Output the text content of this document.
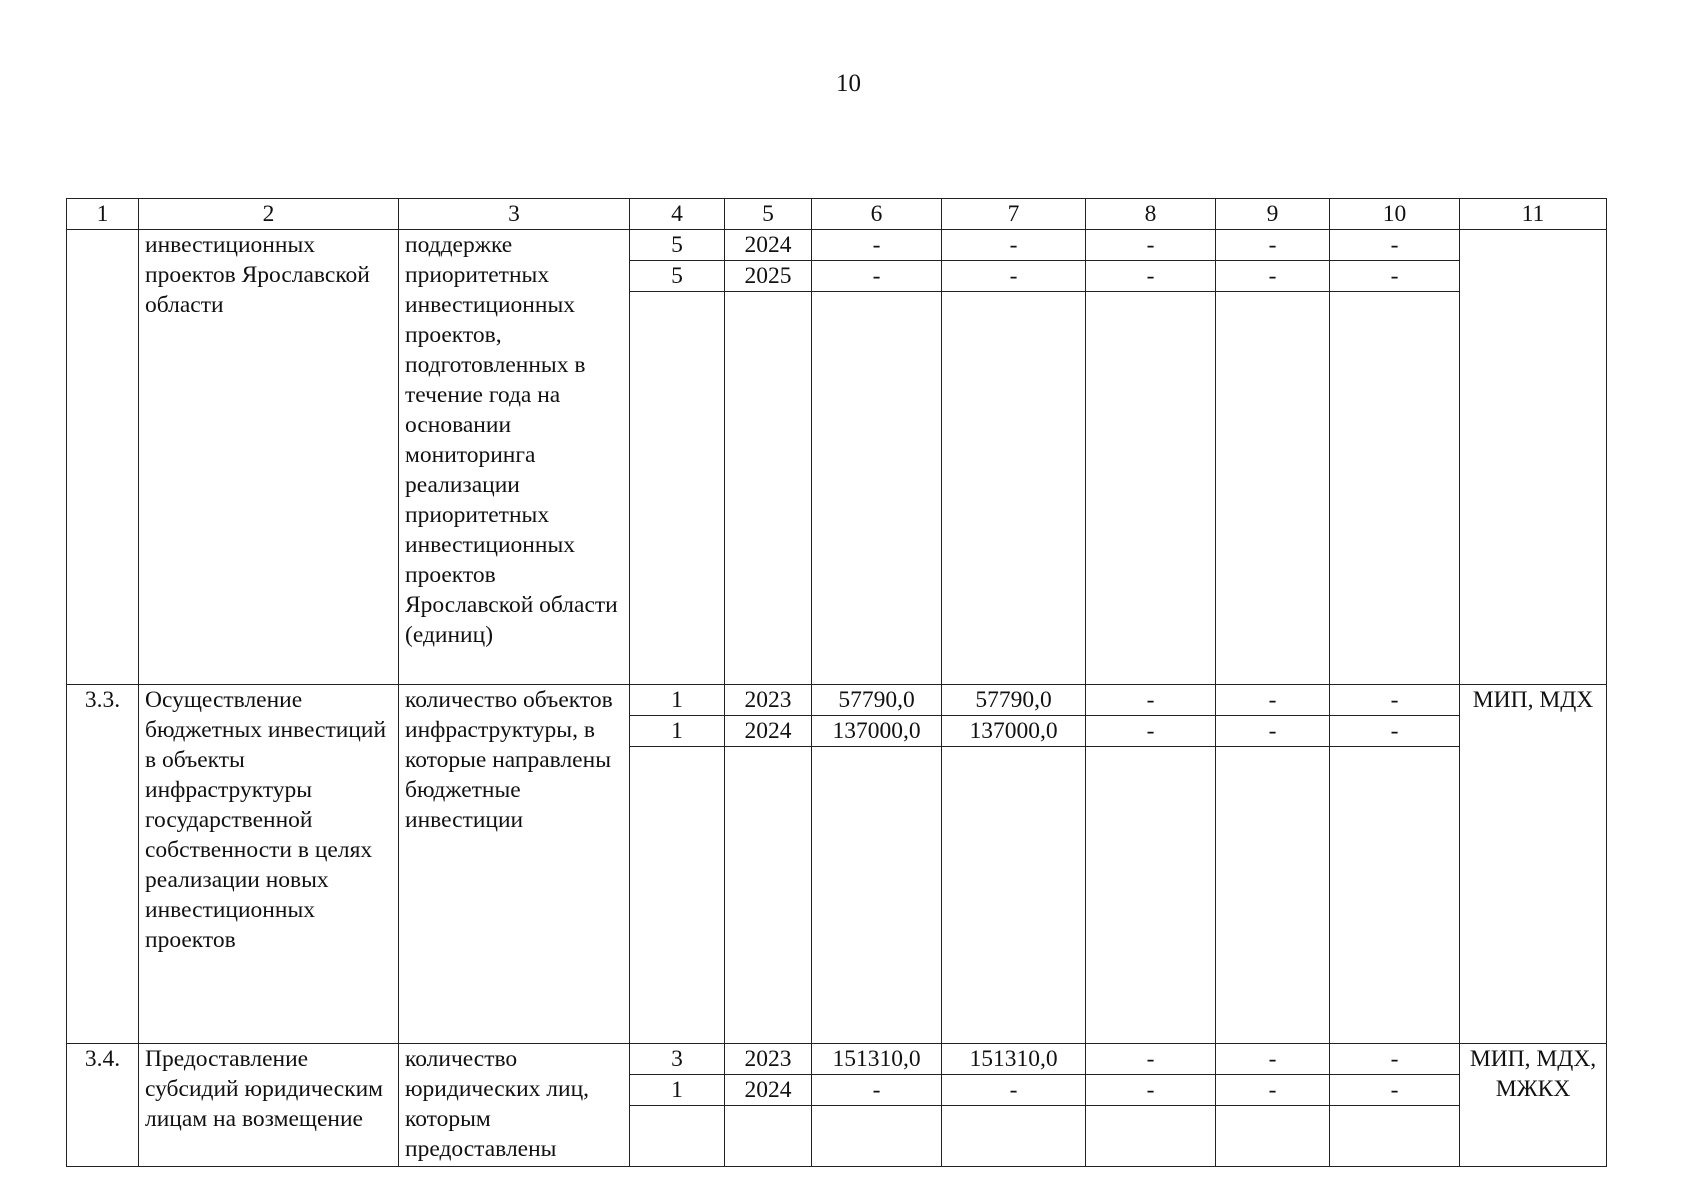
10
1	2	3	4	5	6	7	8	9	10	11
	инвестиционных проектов Ярославской области	поддержке приоритетных инвестиционных проектов, подготовленных в течение года на основании мониторинга реализации приоритетных инвестиционных проектов Ярославской области (единиц)	5	2024	-	-	-	-	-	
			5	2025	-	-	-	-	-	

3.3.	Осуществление бюджетных инвестиций в объекты инфраструктуры государственной собственности в целях реализации новых инвестиционных проектов	количество объектов инфраструктуры, в которые направлены бюджетные инвестиции	1	2023	57790,0	57790,0	-	-	-	МИП, МДХ
			1	2024	137000,0	137000,0	-	-	-	

3.4.	Предоставление субсидий юридическим лицам на возмещение	количество юридических лиц, которым предоставлены	3	2023	151310,0	151310,0	-	-	-	МИП, МДХ, МЖКХ
			1	2024	-	-	-	-	-	
